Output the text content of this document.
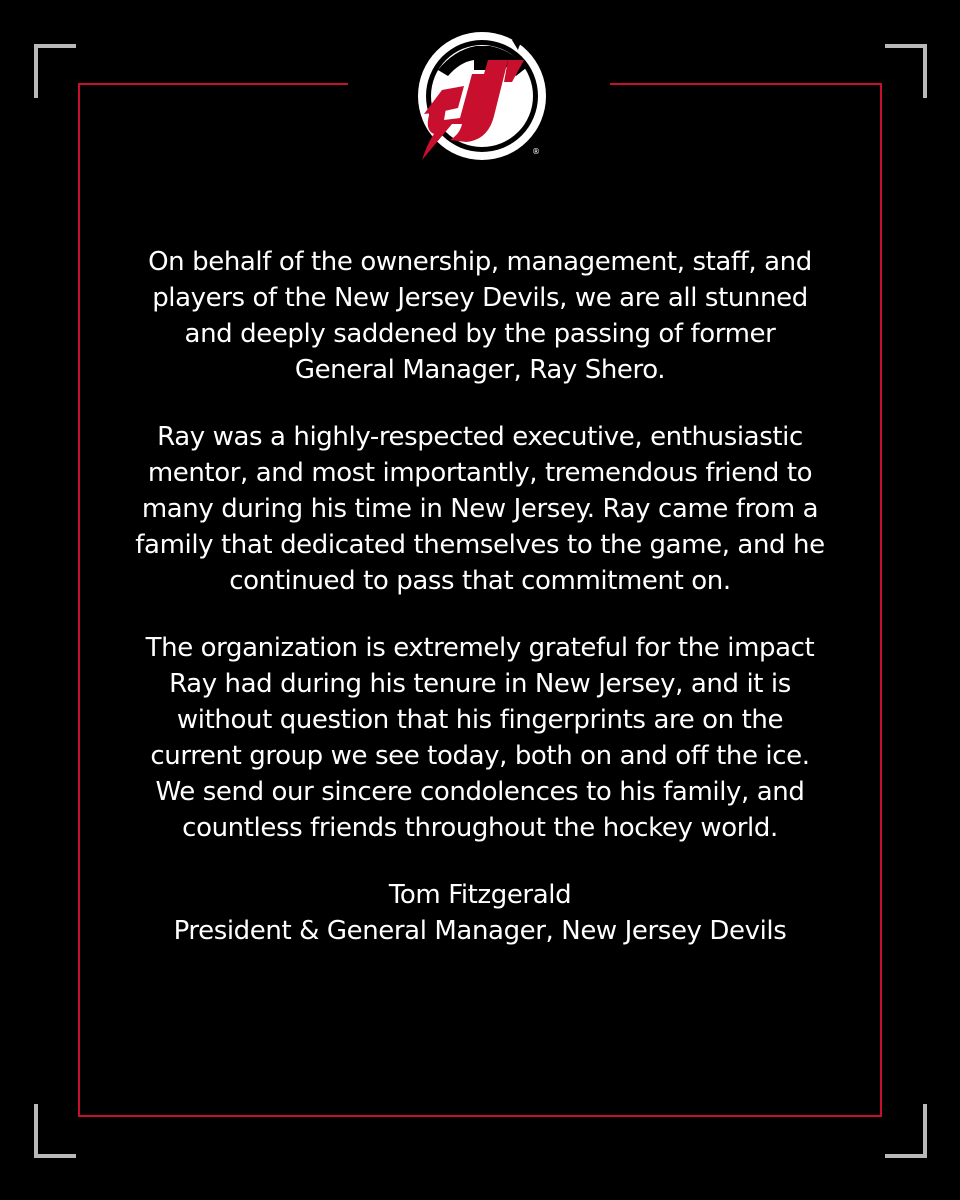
®

On behalf of the ownership, management, staff, and
players of the New Jersey Devils, we are all stunned
and deeply saddened by the passing of former
General Manager, Ray Shero.

Ray was a highly-respected executive, enthusiastic
mentor, and most importantly, tremendous friend to
many during his time in New Jersey. Ray came from a
family that dedicated themselves to the game, and he
continued to pass that commitment on.

The organization is extremely grateful for the impact
Ray had during his tenure in New Jersey, and it is
without question that his fingerprints are on the
current group we see today, both on and off the ice.
We send our sincere condolences to his family, and
countless friends throughout the hockey world.

Tom Fitzgerald
President & General Manager, New Jersey Devils
